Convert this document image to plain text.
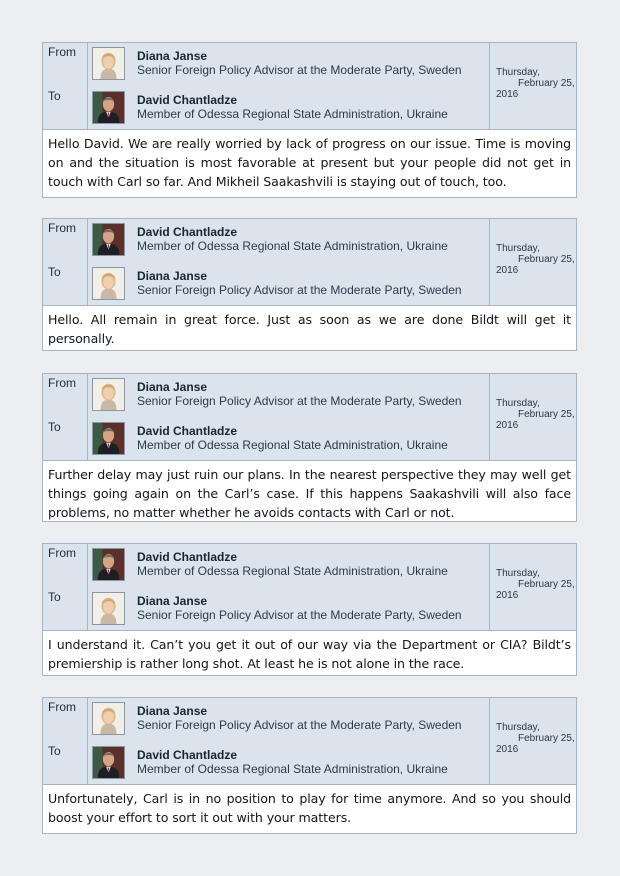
From
To
Diana Janse
Senior Foreign Policy Advisor at the Moderate Party, Sweden
David Chantladze
Member of Odessa Regional State Administration, Ukraine
Thursday,
February 25,
2016
Hello David. We are really worried by lack of progress on our issue. Time is moving on and the situation is most favorable at present but your people did not get in touch with Carl so far. And Mikheil Saakashvili is staying out of touch, too.
From
To
David Chantladze
Member of Odessa Regional State Administration, Ukraine
Diana Janse
Senior Foreign Policy Advisor at the Moderate Party, Sweden
Thursday,
February 25,
2016
Hello. All remain in great force. Just as soon as we are done Bildt will get it personally.
From
To
Diana Janse
Senior Foreign Policy Advisor at the Moderate Party, Sweden
David Chantladze
Member of Odessa Regional State Administration, Ukraine
Thursday,
February 25,
2016
Further delay may just ruin our plans. In the nearest perspective they may well get things going again on the Carl’s case. If this happens Saakashvili will also face problems, no matter whether he avoids contacts with Carl or not.
From
To
David Chantladze
Member of Odessa Regional State Administration, Ukraine
Diana Janse
Senior Foreign Policy Advisor at the Moderate Party, Sweden
Thursday,
February 25,
2016
I understand it. Can’t you get it out of our way via the Department or CIA? Bildt’s premiership is rather long shot. At least he is not alone in the race.
From
To
Diana Janse
Senior Foreign Policy Advisor at the Moderate Party, Sweden
David Chantladze
Member of Odessa Regional State Administration, Ukraine
Thursday,
February 25,
2016
Unfortunately, Carl is in no position to play for time anymore. And so you should boost your effort to sort it out with your matters.
